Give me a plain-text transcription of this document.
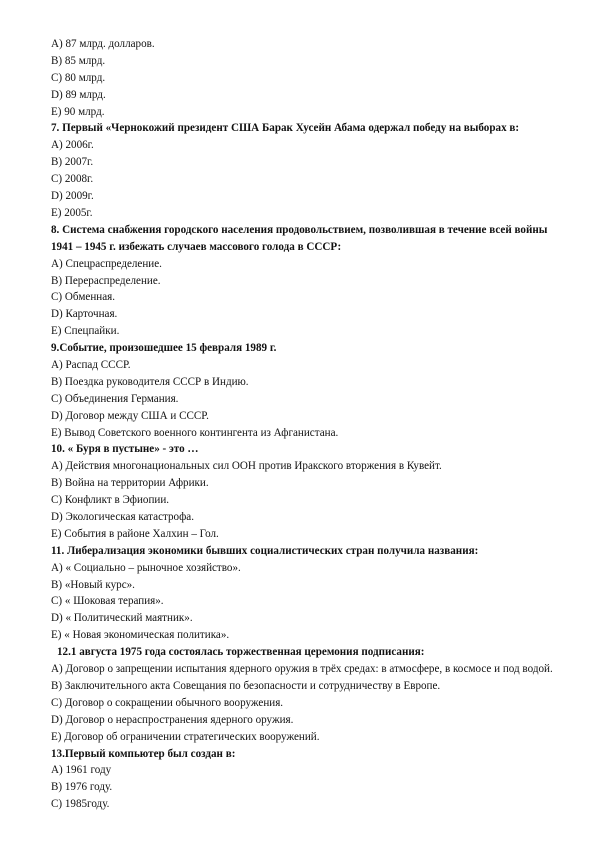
A) 87 млрд. долларов.
B) 85 млрд.
C) 80 млрд.
D) 89 млрд.
E) 90 млрд.
7. Первый «Чернокожий президент США Барак Хусейн Абама одержал победу на выборах в:
A) 2006г.
B) 2007г.
C) 2008г.
D) 2009г.
E) 2005г.
8. Система снабжения городского населения продовольствием, позволившая в течение всей войны 1941 – 1945 г. избежать случаев массового голода в СССР:
A) Спецраспределение.
B) Перераспределение.
C) Обменная.
D) Карточная.
E) Спецпайки.
9.Событие, произошедшее 15 февраля 1989 г.
A) Распад СССР.
B) Поездка руководителя СССР в Индию.
C) Объединения Германия.
D) Договор между США и СССР.
E) Вывод Советского военного контингента из Афганистана.
10. « Буря в пустыне» - это …
A) Действия многонациональных сил ООН против Иракского вторжения в Кувейт.
B) Война на территории Африки.
C) Конфликт в Эфиопии.
D) Экологическая катастрофа.
E) События в районе Халхин – Гол.
11. Либерализация экономики бывших социалистических стран получила названия:
A) « Социально – рыночное хозяйство».
B) «Новый курс».
C) « Шоковая терапия».
D) « Политический маятник».
E) « Новая экономическая политика».
12.1 августа 1975 года состоялась торжественная церемония подписания:
A) Договор о запрещении испытания ядерного оружия в трёх средах: в атмосфере, в космосе и под водой.
B) Заключительного акта Совещания по безопасности и сотрудничеству в Европе.
C) Договор о сокращении обычного вооружения.
D) Договор о нераспространения ядерного оружия.
E) Договор об ограничении стратегических вооружений.
13.Первый компьютер был создан в:
A) 1961 году
B) 1976 году.
C) 1985году.
